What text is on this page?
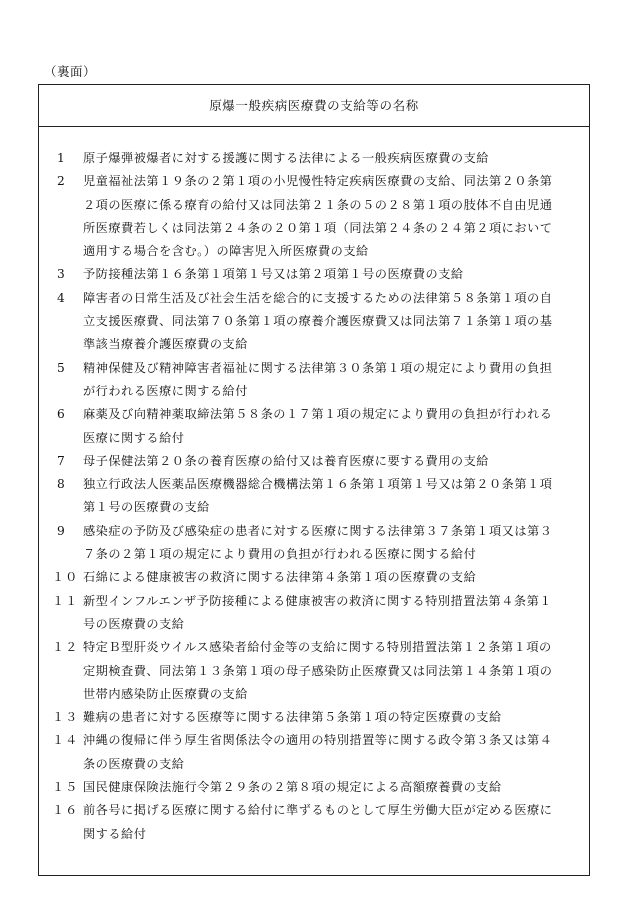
（裏面）
原爆一般疾病医療費の支給等の名称
1 原子爆弾被爆者に対する援護に関する法律による一般疾病医療費の支給
2 児童福祉法第１９条の２第１項の小児慢性特定疾病医療費の支給、同法第２０条第２項の医療に係る療育の給付又は同法第２１条の５の２８第１項の肢体不自由児通所医療費若しくは同法第２４条の２０第１項（同法第２４条の２４第２項において適用する場合を含む。）の障害児入所医療費の支給
3 予防接種法第１６条第１項第１号又は第２項第１号の医療費の支給
4 障害者の日常生活及び社会生活を総合的に支援するための法律第５８条第１項の自立支援医療費、同法第７０条第１項の療養介護医療費又は同法第７１条第１項の基準該当療養介護医療費の支給
5 精神保健及び精神障害者福祉に関する法律第３０条第１項の規定により費用の負担が行われる医療に関する給付
6 麻薬及び向精神薬取締法第５８条の１７第１項の規定により費用の負担が行われる医療に関する給付
7 母子保健法第２０条の養育医療の給付又は養育医療に要する費用の支給
8 独立行政法人医薬品医療機器総合機構法第１６条第１項第１号又は第２０条第１項第１号の医療費の支給
9 感染症の予防及び感染症の患者に対する医療に関する法律第３７条第１項又は第３７条の２第１項の規定により費用の負担が行われる医療に関する給付
１０ 石綿による健康被害の救済に関する法律第４条第１項の医療費の支給
１１ 新型インフルエンザ予防接種による健康被害の救済に関する特別措置法第４条第１号の医療費の支給
１２ 特定Ｂ型肝炎ウイルス感染者給付金等の支給に関する特別措置法第１２条第１項の定期検査費、同法第１３条第１項の母子感染防止医療費又は同法第１４条第１項の世帯内感染防止医療費の支給
１３ 難病の患者に対する医療等に関する法律第５条第１項の特定医療費の支給
１４ 沖縄の復帰に伴う厚生省関係法令の適用の特別措置等に関する政令第３条又は第４条の医療費の支給
１５ 国民健康保険法施行令第２９条の２第８項の規定による高額療養費の支給
１６ 前各号に掲げる医療に関する給付に準ずるものとして厚生労働大臣が定める医療に関する給付
